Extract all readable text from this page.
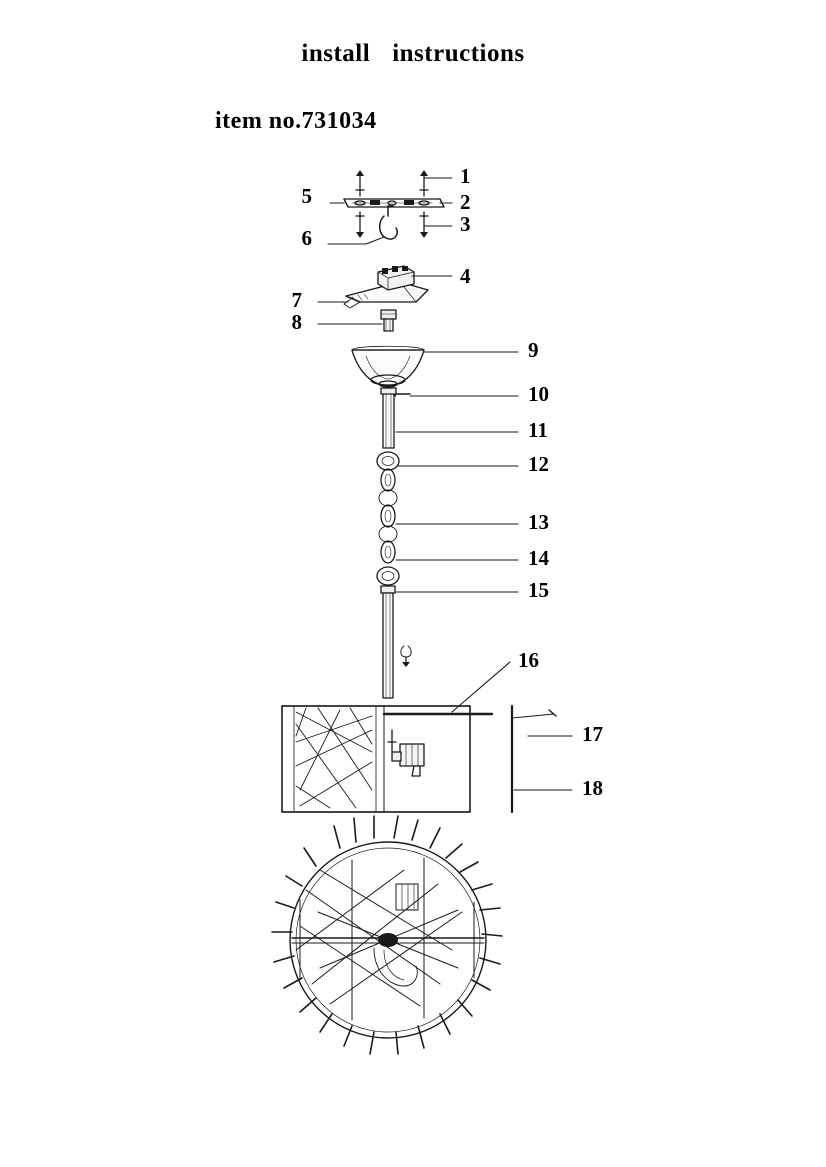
install instructions
item no.731034
5
6
7
8
1
2
3
4
9
10
11
12
13
14
15
16
17
18
